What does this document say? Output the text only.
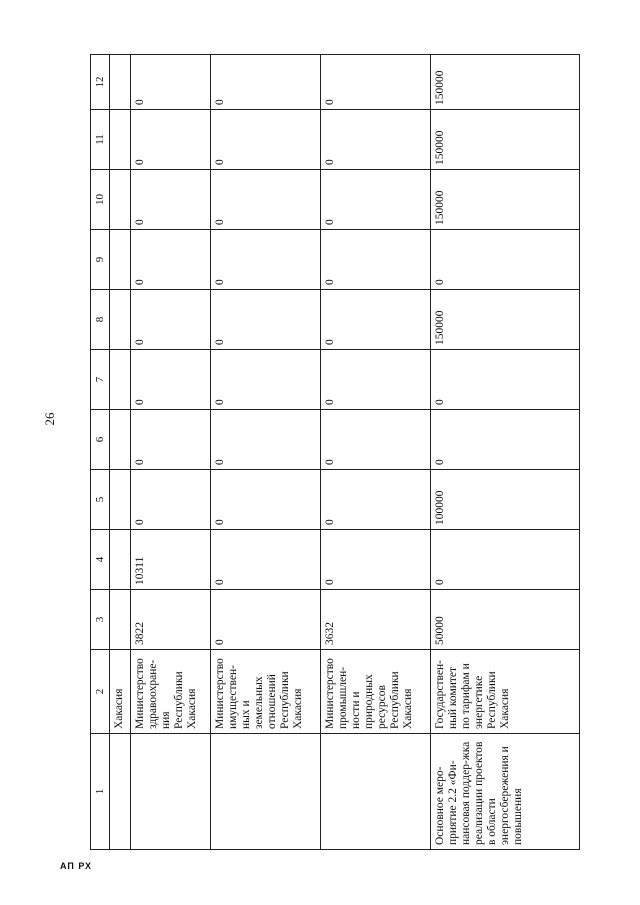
26
1	2	3	4	5	6	7	8	9	10	11	12
	Хакасия										
	Министерство здравоохране-ния Республики Хакасия	3822	10311	0	0	0	0	0	0	0	0
	Министерство имуществен-ных и земельных отношений Республики Хакасия	0	0	0	0	0	0	0	0	0	0
	Министерство промышлен-ности и природных ресурсов Республики Хакасия	3632	0	0	0	0	0	0	0	0	0
Основное меро-приятие 2.2 «Фи-нансовая поддер-жка реализации проектов в области энергосбережения и повышения	Государствен-ный комитет по тарифам и энергетике Республики Хакасия	50000	0	100000	0	0	150000	0	150000	150000	150000
АП РХ
